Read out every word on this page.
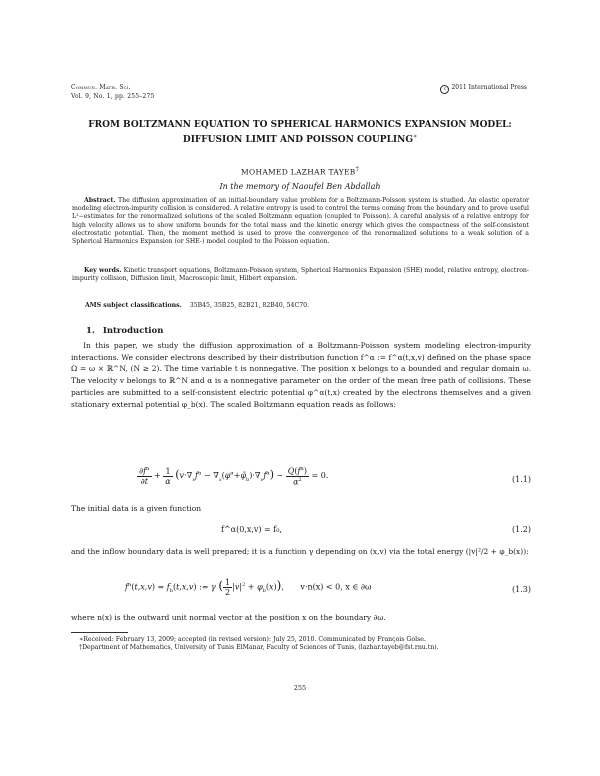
Commun. Math. Sci.
Vol. 9, No. 1, pp. 255–275
c 2011 International Press
FROM BOLTZMANN EQUATION TO SPHERICAL HARMONICS EXPANSION MODEL: DIFFUSION LIMIT AND POISSON COUPLING∗
MOHAMED LAZHAR TAYEB†
In the memory of Naoufel Ben Abdallah
Abstract. The diffusion approximation of an initial-boundary value problem for a Boltzmann-Poisson system is studied. An elastic operator modeling electron-impurity collision is considered. A relative entropy is used to control the terms coming from the boundary and to prove useful L²−estimates for the renormalized solutions of the scaled Boltzmann equation (coupled to Poisson). A careful analysis of a relative entropy for high velocity allows us to show uniform bounds for the total mass and the kinetic energy which gives the compactness of the self-consistent electrostatic potential. Then, the moment method is used to prove the convergence of the renormalized solutions to a weak solution of a Spherical Harmonics Expansion (or SHE-) model coupled to the Poisson equation.
Key words. Kinetic transport equations, Boltzmann-Poisson system, Spherical Harmonics Expansion (SHE) model, relative entropy, electron-impurity collision, Diffusion limit, Macroscopic limit, Hilbert expansion.
AMS subject classifications. 35B45, 35B25, 82B21, 82B40, 54C70.
1. Introduction
In this paper, we study the diffusion approximation of a Boltzmann-Poisson system modeling electron-impurity interactions. We consider electrons described by their distribution function f^α := f^α(t,x,v) defined on the phase space Ω = ω × ℝ^N, (N ≥ 2). The time variable t is nonnegative. The position x belongs to a bounded and regular domain ω. The velocity v belongs to ℝ^N and α is a nonnegative parameter on the order of the mean free path of collisions. These particles are submitted to a self-consistent electric potential φ^α(t,x) created by the electrons themselves and a given stationary external potential φ_b(x). The scaled Boltzmann equation reads as follows:
$\frac{\partial f^\alpha}{\partial t} + \frac{1}{\alpha} (v\cdot\nabla_xf^\alpha$ − $\nabla_x(\varphi^\alpha+\varphĩ_b)\cdot\nabla_vf^\alpha) - \frac{Q(f^\alpha)}{\alpha^2} = 0$.	(1.1)
The initial data is a given function
f^α(0,x,v) = f₀,	(1.2)
and the inflow boundary data is well prepared; it is a function γ depending on (x,v) via the total energy (|v|²/2 + φ_b(x)):
$f^\alpha(t,x,v) = f_b(t,x,v)$ := γ ( $\frac{1}{2} |v|^2 + \varphi_b(x)$), v·n(x) < 0, x ∈ ∂ω	(1.3)
where n(x) is the outward unit normal vector at the position x on the boundary ∂ω.
∗Received: February 13, 2009; accepted (in revised version): July 25, 2010. Communicated by François Golse.
†Department of Mathematics, University of Tunis ElManar, Faculty of Sciences of Tunis, (lazhar.tayeb@fst.rnu.tn).
255
